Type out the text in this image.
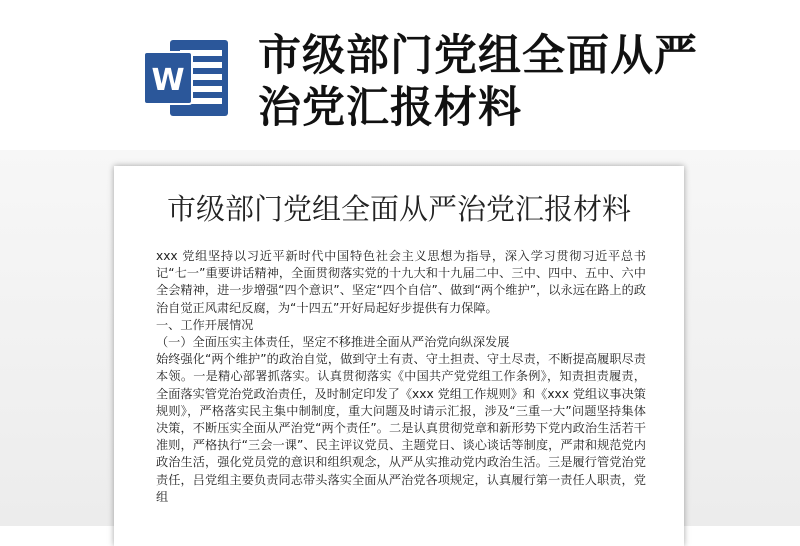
W 市级部门党组全面从严治党汇报材料
市级部门党组全面从严治党汇报材料

xxx 党组坚持以习近平新时代中国特色社会主义思想为指导，深入学习贯彻习近平总书记“七一”重要讲话精神，全面贯彻落实党的十九大和十九届二中、三中、四中、五中、六中全会精神，进一步增强“四个意识”、坚定“四个自信”、做到“两个维护”，以永远在路上的政治自觉正风肃纪反腐，为“十四五”开好局起好步提供有力保障。

一、工作开展情况

（一）全面压实主体责任，坚定不移推进全面从严治党向纵深发展

始终强化“两个维护”的政治自觉，做到守土有责、守土担责、守土尽责，不断提高履职尽责本领。一是精心部署抓落实。认真贯彻落实《中国共产党党组工作条例》，知责担责履责，全面落实管党治党政治责任，及时制定印发了《xxx 党组工作规则》和《xxx 党组议事决策规则》，严格落实民主集中制制度，重大问题及时请示汇报，涉及“三重一大”问题坚持集体决策，不断压实全面从严治党“两个责任”。二是认真贯彻党章和新形势下党内政治生活若干准则，严格执行“三会一课”、民主评议党员、主题党日、谈心谈话等制度，严肃和规范党内政治生活，强化党员党的意识和组织观念，从严从实推动党内政治生活。三是履行管党治党责任，吕党组主要负责同志带头落实全面从严治党各项规定，认真履行第一责任人职责，党组
